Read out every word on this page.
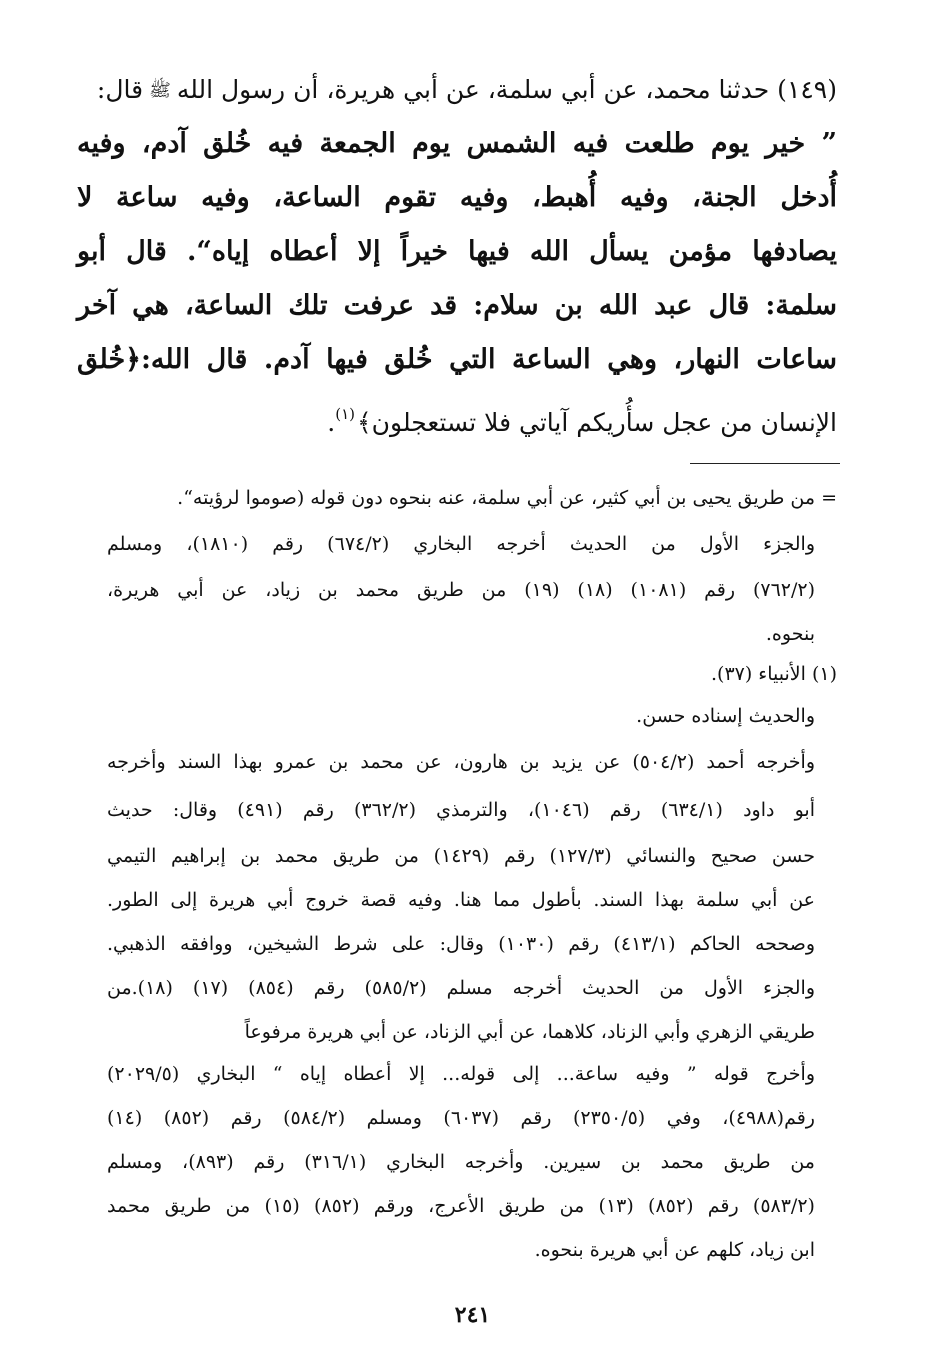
(١٤٩) حدثنا محمد، عن أبي سلمة، عن أبي هريرة، أن رسول اللهﷺقال:
” خير يوم طلعت فيه الشمس يوم الجمعة فيه خُلق آدم، وفيه
أُدخل الجنة، وفيه أُهبط، وفيه تقوم الساعة، وفيه ساعة لا
يصادفها مؤمن يسأل الله فيها خيراً إلا أعطاه إياه“. قال أبو
سلمة: قال عبد الله بن سلام: قد عرفت تلك الساعة، هي آخر
ساعات النهار، وهي الساعة التي خُلق فيها آدم. قال الله:﴿خُلق
الإنسان من عجل سأُريكم آياتي فلا تستعجلون﴾$^{(١)}$.
= من طريق يحيى بن أبي كثير، عن أبي سلمة، عنه بنحوه دون قوله (صوموا لرؤيته“.
والجزء الأول من الحديث أخرجه البخاري (٦٧٤/٢) رقم (١٨١٠)، ومسلم
(٧٦٢/٢) رقم (١٠٨١) (١٨) (١٩) من طريق محمد بن زياد، عن أبي هريرة،
بنحوه.
(١) الأنبياء (٣٧).
والحديث إسناده حسن.
وأخرجه أحمد (٥٠٤/٢) عن يزيد بن هارون، عن محمد بن عمرو بهذا السند وأخرجه
أبو داود (٦٣٤/١) رقم (١٠٤٦)، والترمذي (٣٦٢/٢) رقم (٤٩١) وقال: حديث
حسن صحيح والنسائي (١٢٧/٣) رقم (١٤٢٩) من طريق محمد بن إبراهيم التيمي
عن أبي سلمة بهذا السند. بأطول مما هنا. وفيه قصة خروج أبي هريرة إلى الطور.
وصححه الحاكم (٤١٣/١) رقم (١٠٣٠) وقال: على شرط الشيخين، ووافقه الذهبي.
والجزء الأول من الحديث أخرجه مسلم (٥٨٥/٢) رقم (٨٥٤) (١٧) (١٨).من
طريقي الزهري وأبي الزناد، كلاهما، عن أبي الزناد، عن أبي هريرة مرفوعاً
وأخرج قوله ” وفيه ساعة... إلى قوله... إلا أعطاه إياه “ البخاري (٢٠٢٩/٥)
رقم(٤٩٨٨)، وفي (٢٣٥٠/٥) رقم (٦٠٣٧) ومسلم (٥٨٤/٢) رقم (٨٥٢) (١٤)
من طريق محمد بن سيرين. وأخرجه البخاري (٣١٦/١) رقم (٨٩٣)، ومسلم
(٥٨٣/٢) رقم (٨٥٢) (١٣) من طريق الأعرج، ورقم (٨٥٢) (١٥) من طريق محمد
ابن زياد، كلهم عن أبي هريرة بنحوه.
٢٤١
